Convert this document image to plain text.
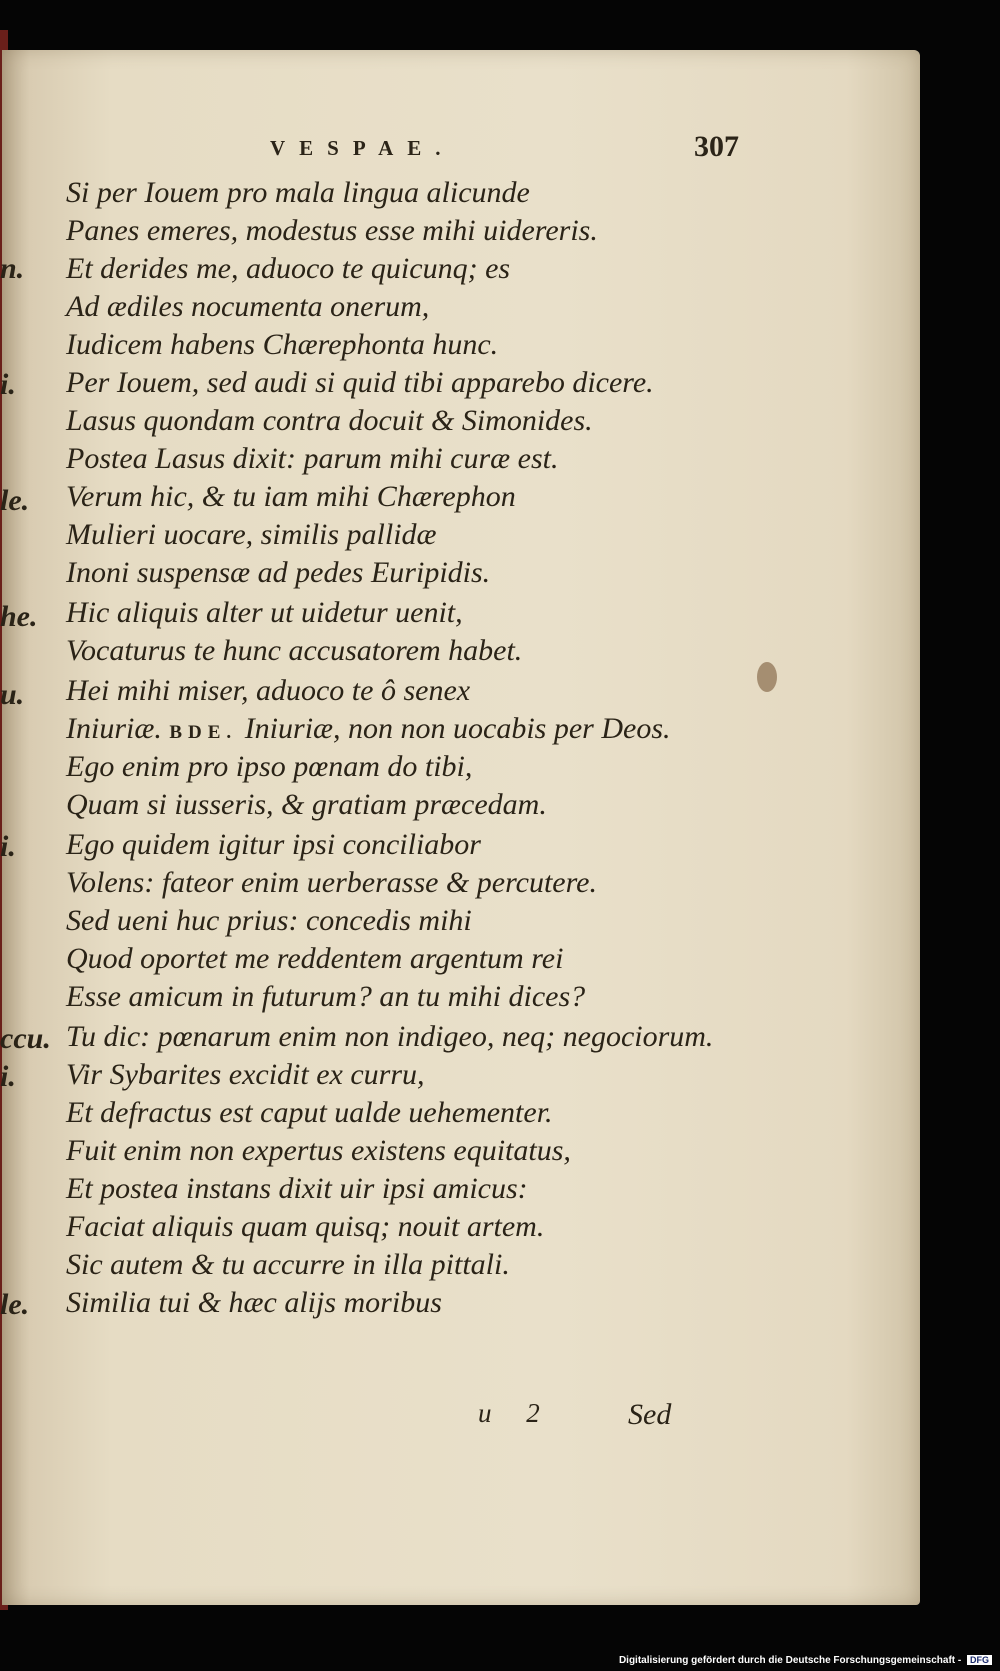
VESPAE.	307
n.
i.
le.
he.
u.
i.
ccu.
i.
le.
Si per Iouem pro mala lingua alicunde
Panes emeres, modestus esse mihi uidereris.
Et derides me, aduoco te quicunq; es
Ad ædiles nocumenta onerum,
Iudicem habens Chærephonta hunc.
Per Iouem, sed audi si quid tibi apparebo dicere.
Lasus quondam contra docuit & Simonides.
Postea Lasus dixit: parum mihi curæ est.
Verum hic, & tu iam mihi Chærephon
Mulieri uocare, similis pallidæ
Inoni suspensæ ad pedes Euripidis.
Hic aliquis alter ut uidetur uenit,
Vocaturus te hunc accusatorem habet.
Hei mihi miser, aduoco te ô senex
Iniuriæ. BDE. Iniuriæ, non non uocabis per Deos.
Ego enim pro ipso pœnam do tibi,
Quam si iusseris, & gratiam præcedam.
Ego quidem igitur ipsi conciliabor
Volens: fateor enim uerberasse & percutere.
Sed ueni huc prius: concedis mihi
Quod oportet me reddentem argentum rei
Esse amicum in futurum? an tu mihi dices?
Tu dic: pœnarum enim non indigeo, neq; negociorum.
Vir Sybarites excidit ex curru,
Et defractus est caput ualde uehementer.
Fuit enim non expertus existens equitatus,
Et postea instans dixit uir ipsi amicus:
Faciat aliquis quam quisq; nouit artem.
Sic autem & tu accurre in illa pittali.
Similia tui & hæc alijs moribus
u 2 Sed
Digitalisierung gefördert durch die Deutsche Forschungsgemeinschaft - DFG
